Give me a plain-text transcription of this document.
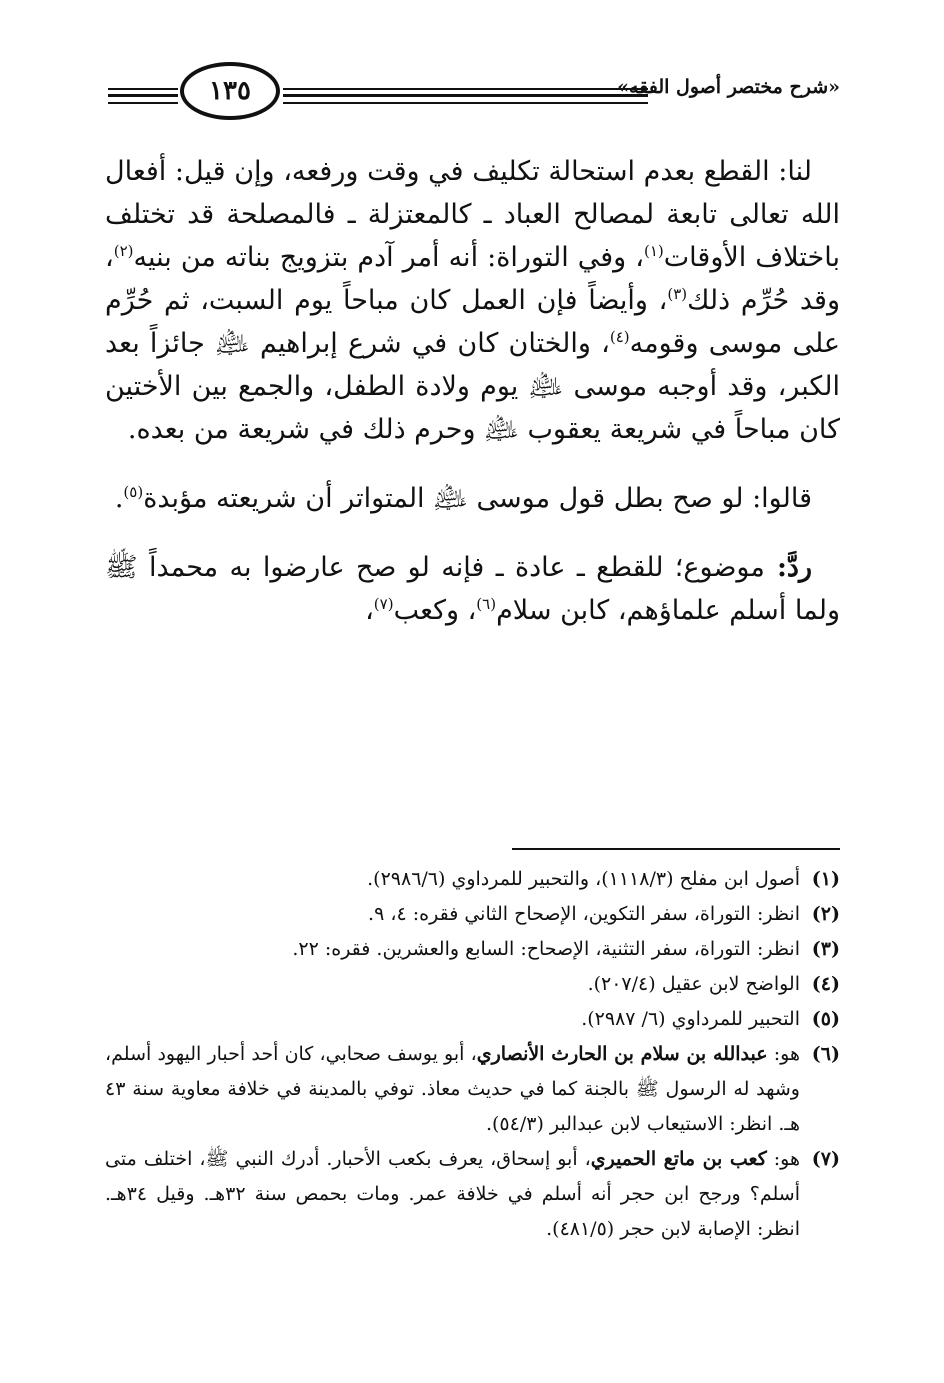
«شرح مختصر أصول الفقه»
١٣٥

لنا: القطع بعدم استحالة تكليف في وقت ورفعه، وإن قيل: أفعال الله تعالى تابعة لمصالح العباد ـ كالمعتزلة ـ فالمصلحة قد تختلف باختلاف الأوقات$^{(١)}$، وفي التوراة: أنه أمر آدم بتزويج بناته من بنيه$^{(٢)}$، وقد حُرِّم ذلك$^{(٣)}$، وأيضاً فإن العمل كان مباحاً يوم السبت، ثم حُرِّم على موسى وقومه$^{(٤)}$، والختان كان في شرع إبراهيم ﵇ جائزاً بعد الكبر، وقد أوجبه موسى ﵇ يوم ولادة الطفل، والجمع بين الأختين كان مباحاً في شريعة يعقوب ﵇ وحرم ذلك في شريعة من بعده.

قالوا: لو صح بطل قول موسى ﵇ المتواتر أن شريعته مؤبدة$^{(٥)}$.

ردَّ: موضوع؛ للقطع ـ عادة ـ فإنه لو صح عارضوا به محمداً ﷺ ولما أسلم علماؤهم، كابن سلام$^{(٦)}$، وكعب$^{(٧)}$،

(١)
أصول ابن مفلح (١١١٨/٣)، والتحبير للمرداوي (٢٩٨٦/٦).
(٢)
انظر: التوراة، سفر التكوين، الإصحاح الثاني فقره: ٤، ٩.
(٣)
انظر: التوراة، سفر التثنية، الإصحاح: السابع والعشرين. فقره: ٢٢.
(٤)
الواضح لابن عقيل (٢٠٧/٤).
(٥)
التحبير للمرداوي (٦/ ٢٩٨٧).
(٦)
هو: عبدالله بن سلام بن الحارث الأنصاري، أبو يوسف صحابي، كان أحد أحبار اليهود أسلم، وشهد له الرسول ﷺ بالجنة كما في حديث معاذ. توفي بالمدينة في خلافة معاوية سنة ٤٣ هـ. انظر: الاستيعاب لابن عبدالبر (٥٤/٣).
(٧)
هو: كعب بن ماتع الحميري، أبو إسحاق، يعرف بكعب الأحبار. أدرك النبي ﷺ، اختلف متى أسلم؟ ورجح ابن حجر أنه أسلم في خلافة عمر. ومات بحمص سنة ٣٢هـ. وقيل ٣٤هـ. انظر: الإصابة لابن حجر (٤٨١/٥).
